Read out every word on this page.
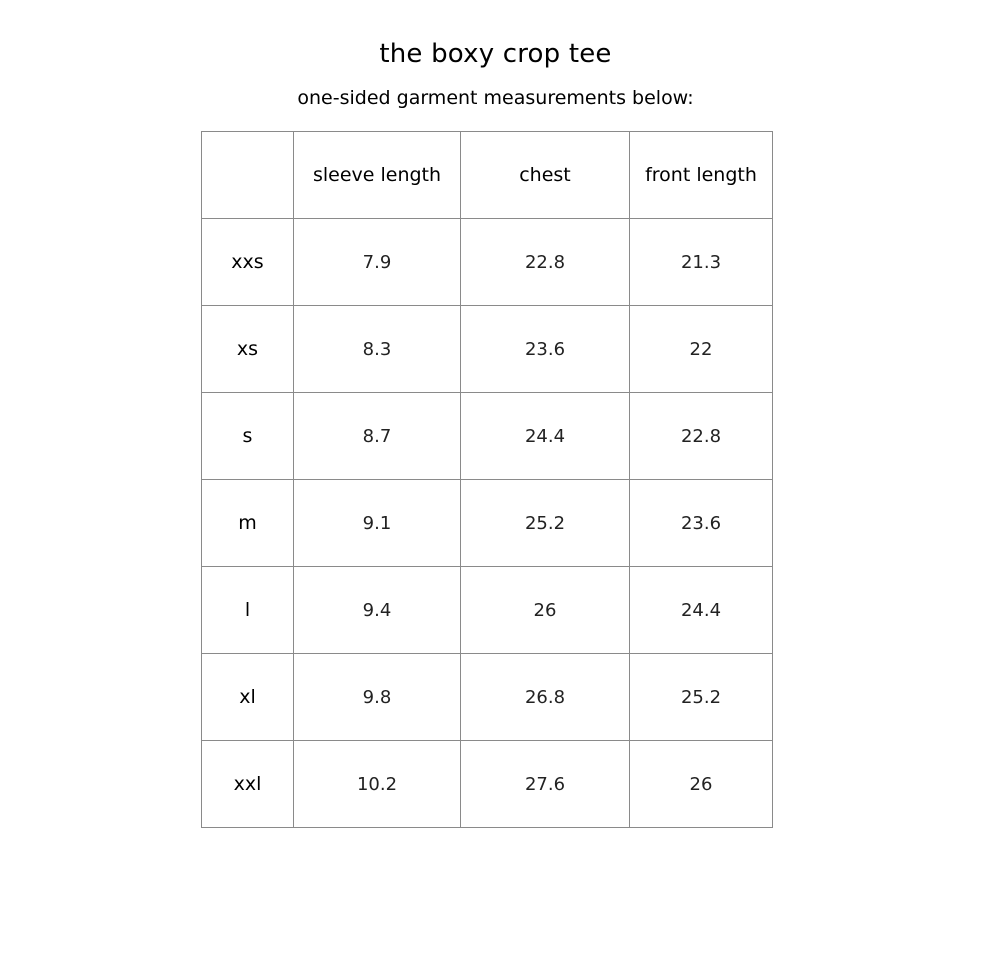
the boxy crop tee
one-sided garment measurements below:
	sleeve length	chest	front length
xxs	7.9	22.8	21.3
xs	8.3	23.6	22
s	8.7	24.4	22.8
m	9.1	25.2	23.6
l	9.4	26	24.4
xl	9.8	26.8	25.2
xxl	10.2	27.6	26
